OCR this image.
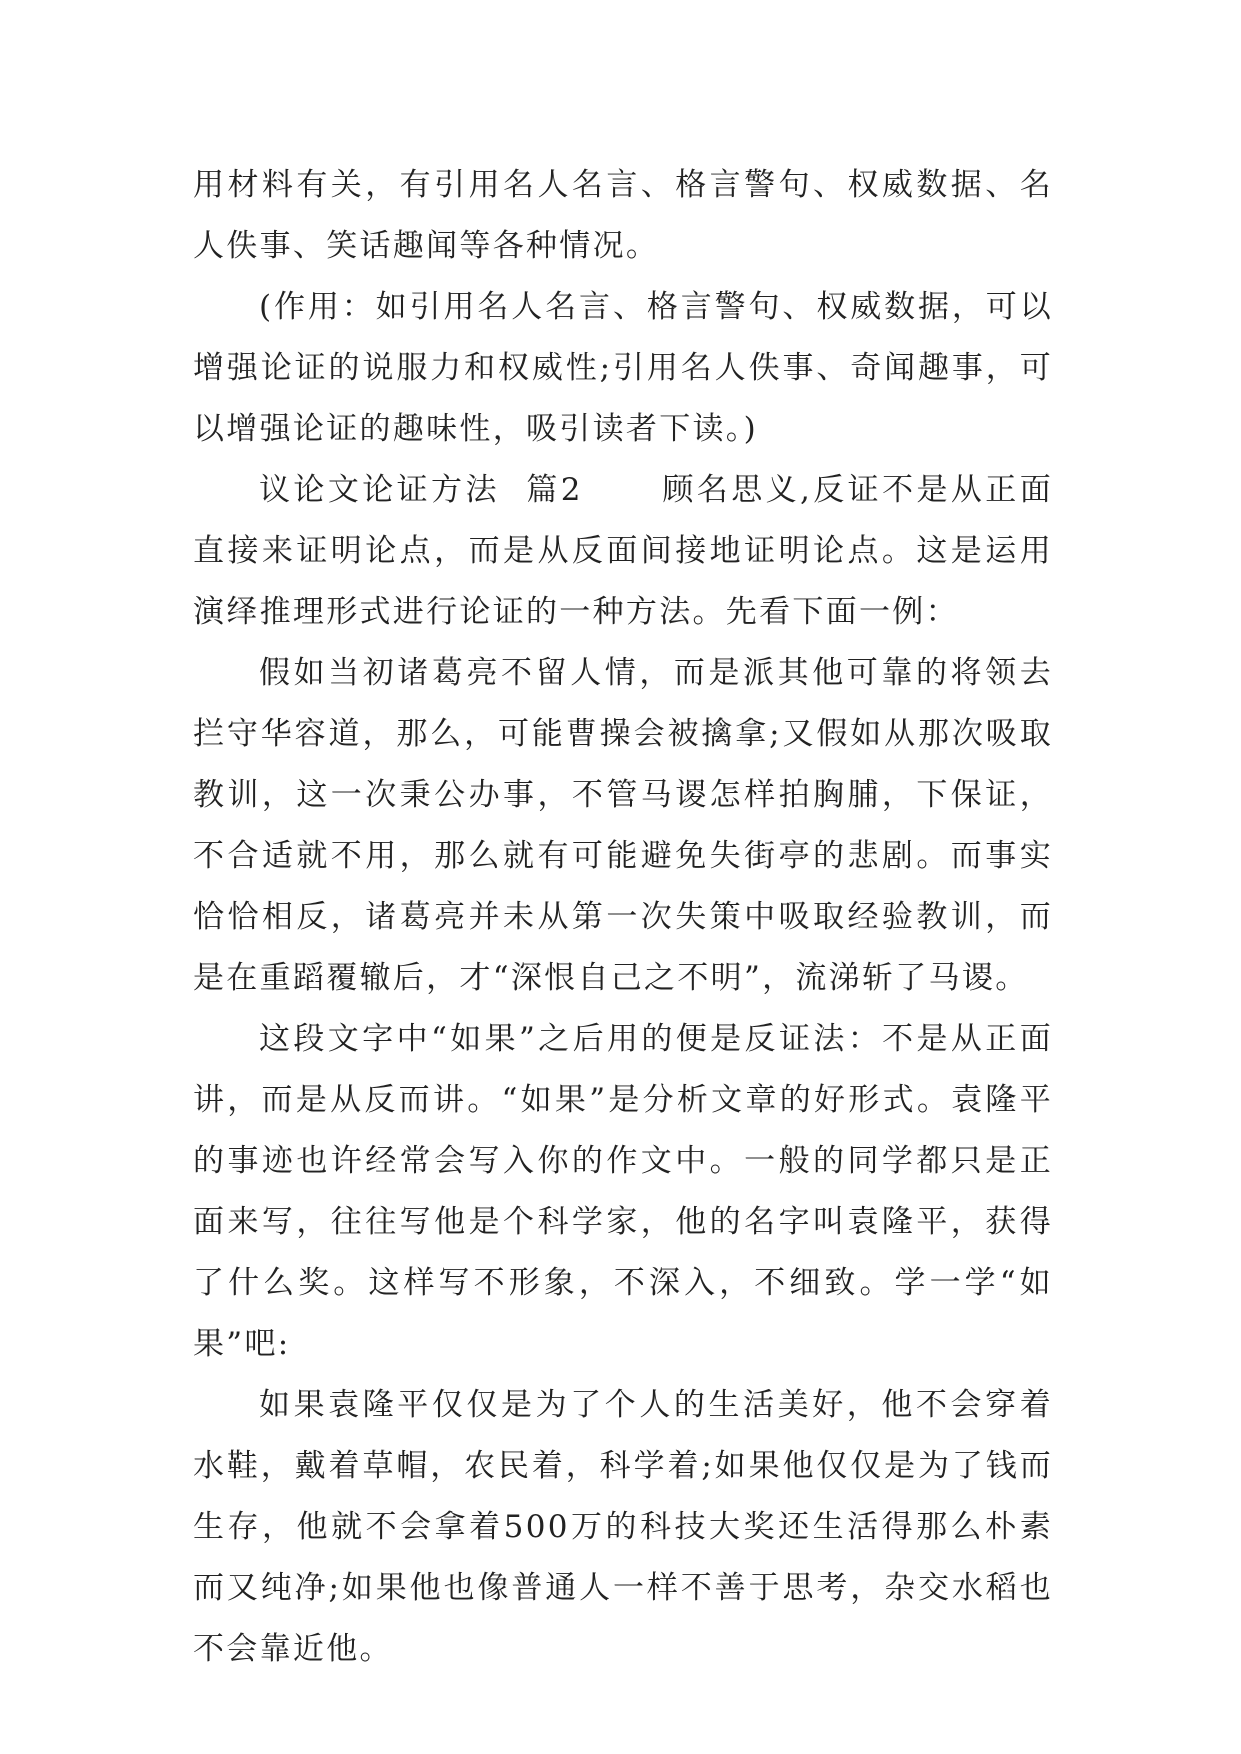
用材料有关，有引用名人名言、格言警句、权威数据、名人佚事、笑话趣闻等各种情况。

(作用：如引用名人名言、格言警句、权威数据，可以增强论证的说服力和权威性;引用名人佚事、奇闻趣事，可以增强论证的趣味性，吸引读者下读。)

议论文论证方法  篇2	顾名思义,反证不是从正面直接来证明论点，而是从反面间接地证明论点。这是运用演绎推理形式进行论证的一种方法。先看下面一例：

假如当初诸葛亮不留人情，而是派其他可靠的将领去拦守华容道，那么，可能曹操会被擒拿;又假如从那次吸取教训，这一次秉公办事，不管马谡怎样拍胸脯，下保证，不合适就不用，那么就有可能避免失街亭的悲剧。而事实恰恰相反，诸葛亮并未从第一次失策中吸取经验教训，而是在重蹈覆辙后，才“深恨自己之不明”，流涕斩了马谡。

这段文字中“如果”之后用的便是反证法：不是从正面讲，而是从反而讲。“如果”是分析文章的好形式。袁隆平的事迹也许经常会写入你的作文中。一般的同学都只是正面来写，往往写他是个科学家，他的名字叫袁隆平，获得了什么奖。这样写不形象，不深入，不细致。学一学“如果”吧:

如果袁隆平仅仅是为了个人的生活美好，他不会穿着水鞋，戴着草帽，农民着，科学着;如果他仅仅是为了钱而生存，他就不会拿着500万的科技大奖还生活得那么朴素而又纯净;如果他也像普通人一样不善于思考，杂交水稻也不会靠近他。
